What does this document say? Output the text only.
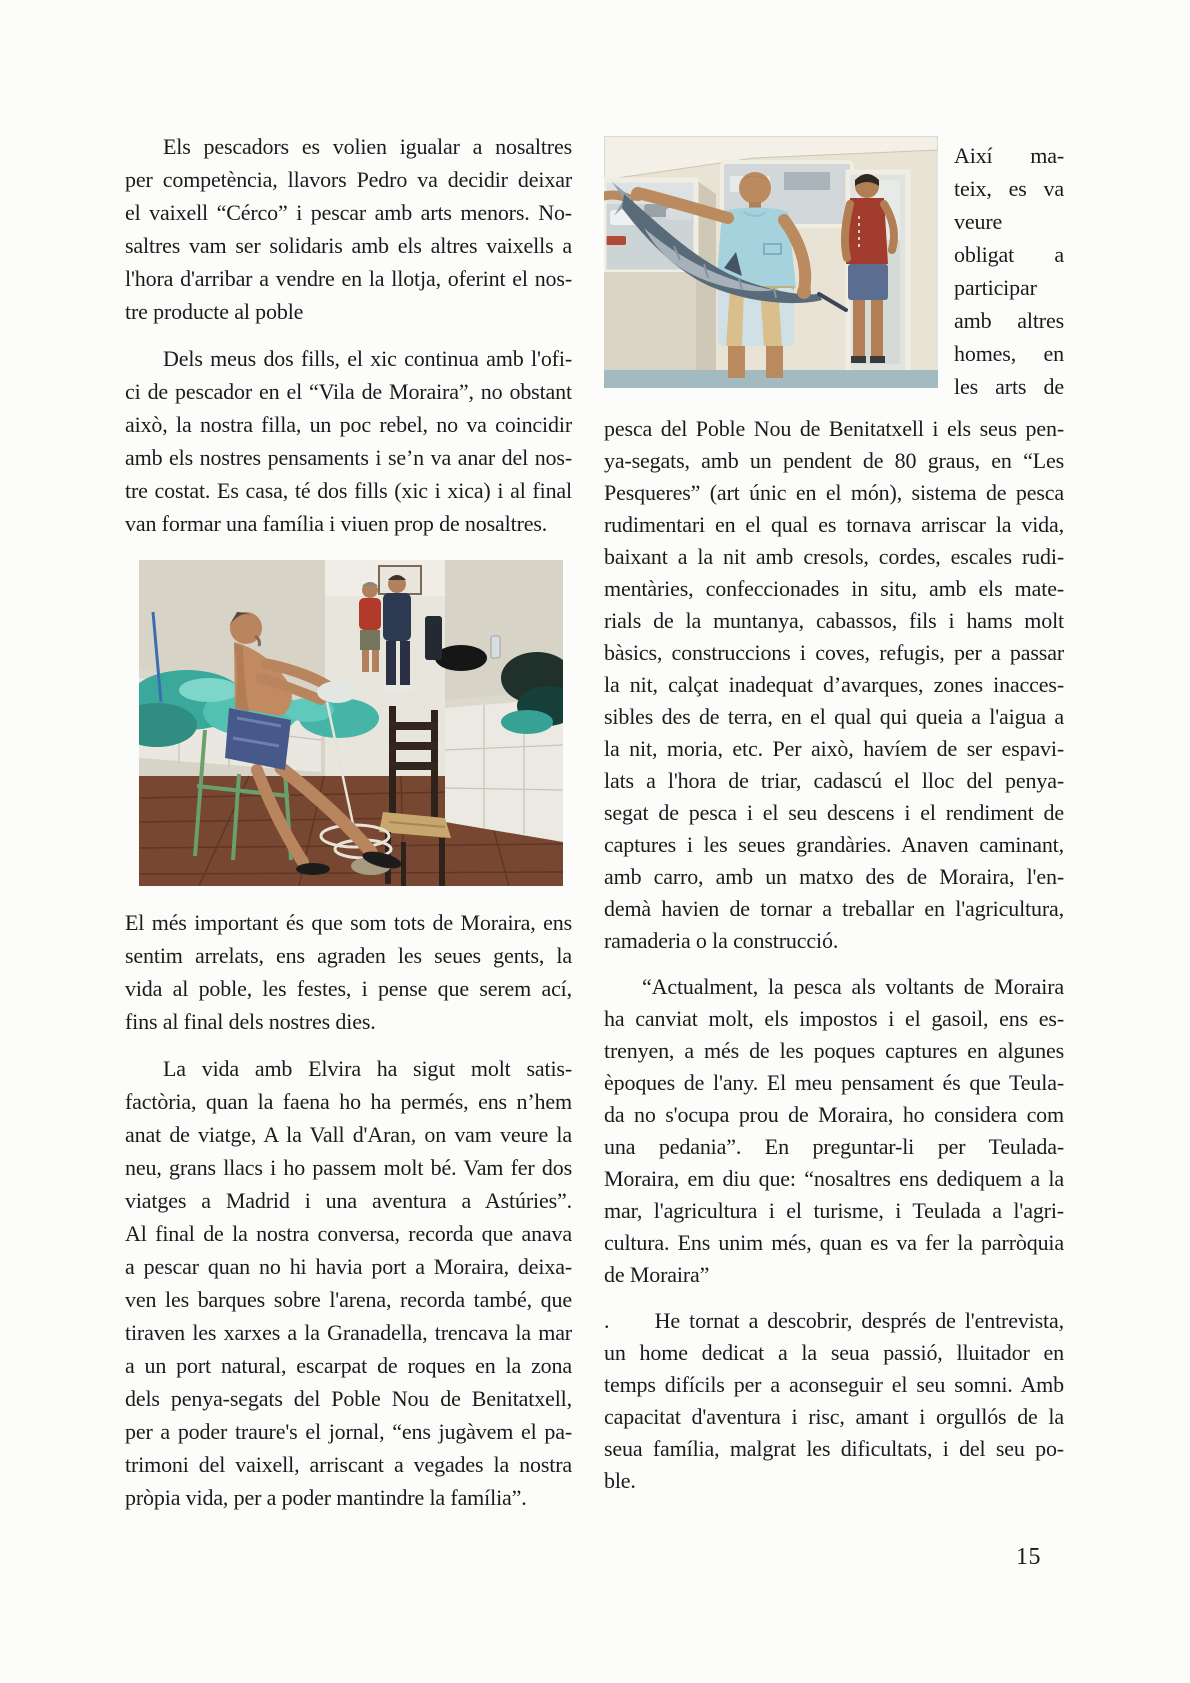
Els pescadors es volien igualar a nosaltres
per competència, llavors Pedro va decidir deixar
el vaixell “Cérco” i pescar amb arts menors. No-
saltres vam ser solidaris amb els altres vaixells a
l'hora d'arribar a vendre en la llotja, oferint el nos-
tre producte al poble
Dels meus dos fills, el xic continua amb l'ofi-
ci de pescador en el “Vila de Moraira”, no obstant
això, la nostra filla, un poc rebel, no va coincidir
amb els nostres pensaments i se’n va anar del nos-
tre costat. Es casa, té dos fills (xic i xica) i al final
van formar una família i viuen prop de nosaltres.
El més important és que som tots de Moraira, ens
sentim arrelats, ens agraden les seues gents, la
vida al poble, les festes, i pense que serem ací,
fins al final dels nostres dies.
La vida amb Elvira ha sigut molt satis-
factòria, quan la faena ho ha permés, ens n’hem
anat de viatge, A la Vall d'Aran, on vam veure la
neu, grans llacs i ho passem molt bé. Vam fer dos
viatges a Madrid i una aventura a Astúries”.
Al final de la nostra conversa, recorda que anava
a pescar quan no hi havia port a Moraira, deixa-
ven les barques sobre l'arena, recorda també, que
tiraven les xarxes a la Granadella, trencava la mar
a un port natural, escarpat de roques en la zona
dels penya-segats del Poble Nou de Benitatxell,
per a poder traure's el jornal, “ens jugàvem el pa-
trimoni del vaixell, arriscant a vegades la nostra
pròpia vida, per a poder mantindre la família”.
Així ma-
teix, es va
veure
obligat a
participar
amb altres
homes, en
les arts de
pesca del Poble Nou de Benitatxell i els seus pen-
ya-segats, amb un pendent de 80 graus, en “Les
Pesqueres” (art únic en el món), sistema de pesca
rudimentari en el qual es tornava arriscar la vida,
baixant a la nit amb cresols, cordes, escales rudi-
mentàries, confeccionades in situ, amb els mate-
rials de la muntanya, cabassos, fils i hams molt
bàsics, construccions i coves, refugis, per a passar
la nit, calçat inadequat d’avarques, zones inacces-
sibles des de terra, en el qual qui queia a l'aigua a
la nit, moria, etc. Per això, havíem de ser espavi-
lats a l'hora de triar, cadascú el lloc del penya-
segat de pesca i el seu descens i el rendiment de
captures i les seues grandàries. Anaven caminant,
amb carro, amb un matxo des de Moraira, l'en-
demà havien de tornar a treballar en l'agricultura,
ramaderia o la construcció.
“Actualment, la pesca als voltants de Moraira
ha canviat molt, els impostos i el gasoil, ens es-
trenyen, a més de les poques captures en algunes
èpoques de l'any. El meu pensament és que Teula-
da no s'ocupa prou de Moraira, ho considera com
una pedania”. En preguntar-li per Teulada-
Moraira, em diu que: “nosaltres ens dediquem a la
mar, l'agricultura i el turisme, i Teulada a l'agri-
cultura. Ens unim més, quan es va fer la parròquia
de Moraira”
.     He tornat a descobrir, després de l'entrevista,
un home dedicat a la seua passió, lluitador en
temps difícils per a aconseguir el seu somni. Amb
capacitat d'aventura i risc, amant i orgullós de la
seua família, malgrat les dificultats, i del seu po-
ble.
15
